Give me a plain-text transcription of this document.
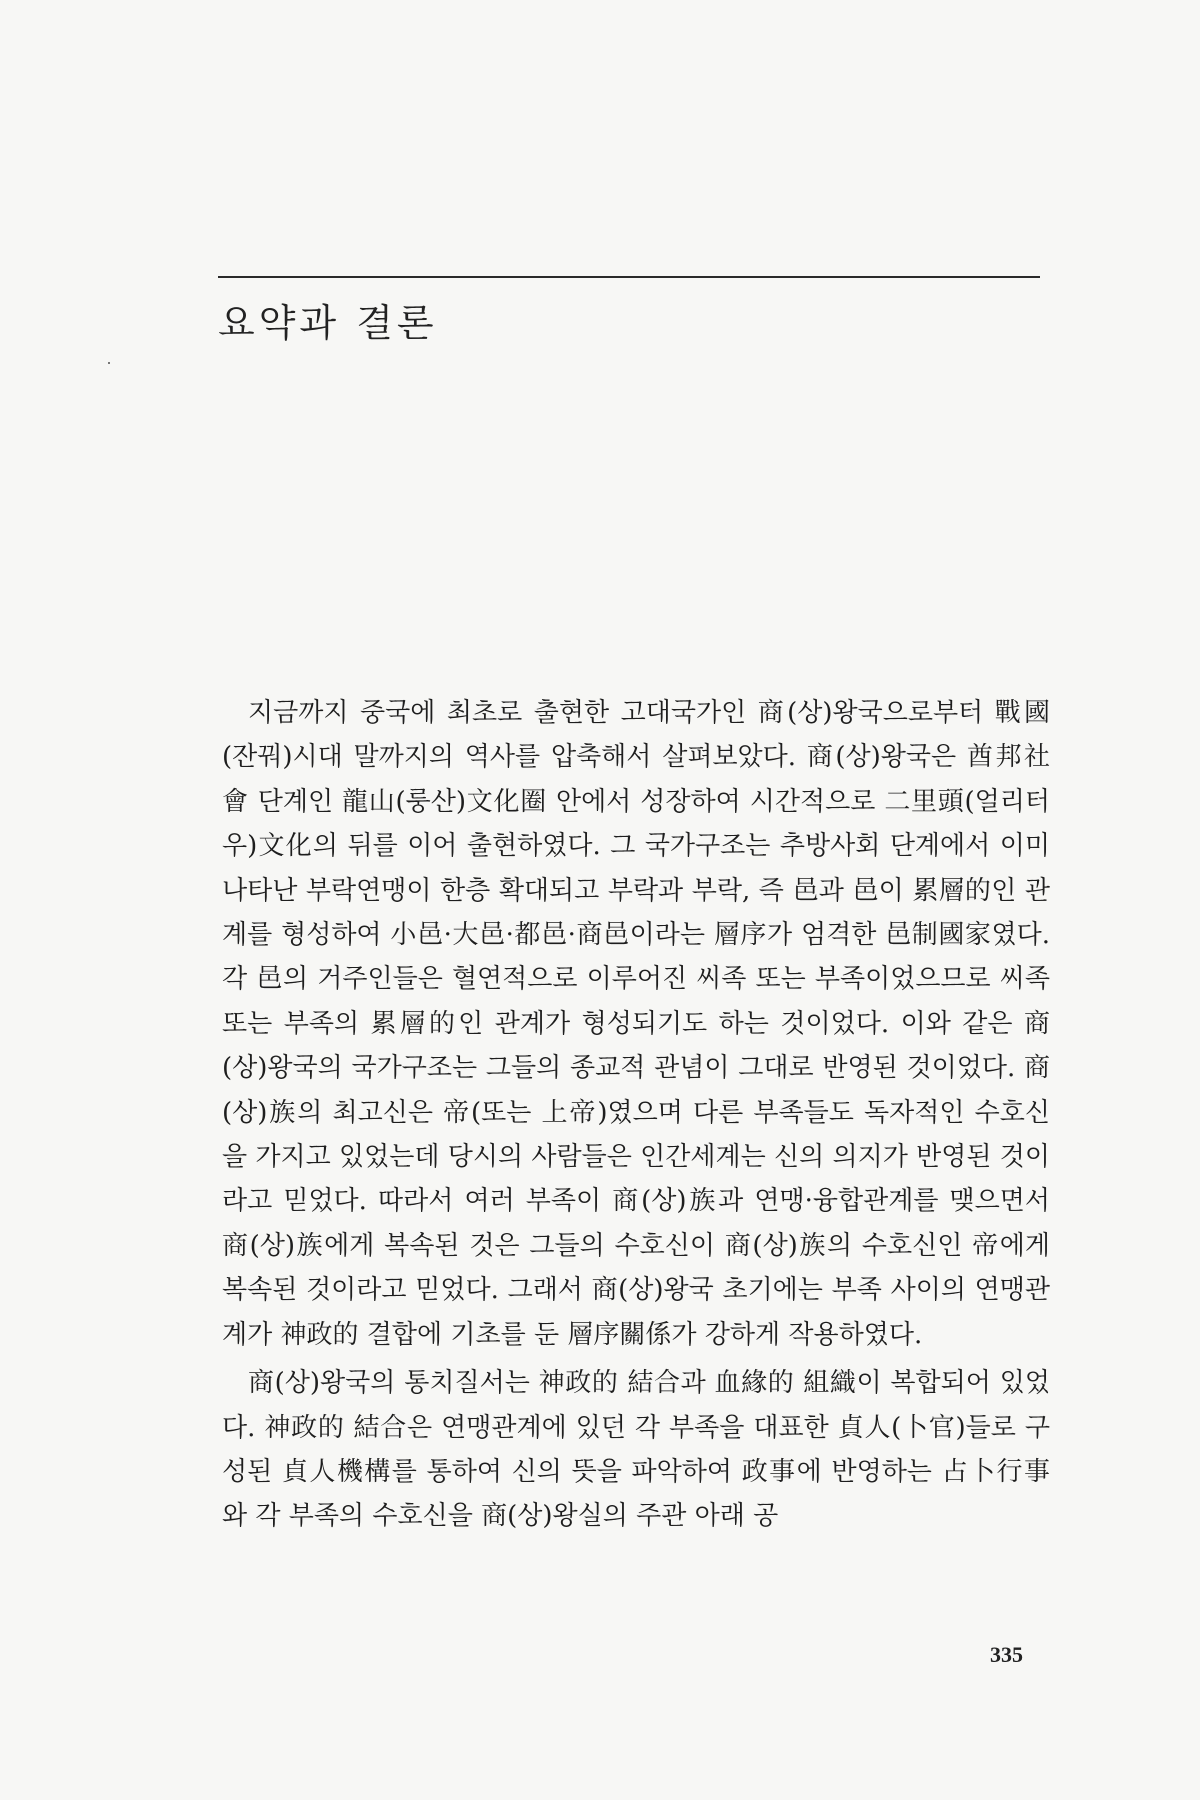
요약과 결론

지금까지 중국에 최초로 출현한 고대국가인 商(상)왕국으로부터 戰國(잔꿔)시대 말까지의 역사를 압축해서 살펴보았다. 商(상)왕국은 酋邦社會 단계인 龍山(룽산)文化圈 안에서 성장하여 시간적으로 二里頭(얼리터우)文化의 뒤를 이어 출현하였다. 그 국가구조는 추방사회 단계에서 이미 나타난 부락연맹이 한층 확대되고 부락과 부락, 즉 邑과 邑이 累層的인 관계를 형성하여 小邑·大邑·都邑·商邑이라는 層序가 엄격한 邑制國家였다. 각 邑의 거주인들은 혈연적으로 이루어진 씨족 또는 부족이었으므로 씨족 또는 부족의 累層的인 관계가 형성되기도 하는 것이었다. 이와 같은 商(상)왕국의 국가구조는 그들의 종교적 관념이 그대로 반영된 것이었다. 商(상)族의 최고신은 帝(또는 上帝)였으며 다른 부족들도 독자적인 수호신을 가지고 있었는데 당시의 사람들은 인간세계는 신의 의지가 반영된 것이라고 믿었다. 따라서 여러 부족이 商(상)族과 연맹·융합관계를 맺으면서 商(상)族에게 복속된 것은 그들의 수호신이 商(상)族의 수호신인 帝에게 복속된 것이라고 믿었다. 그래서 商(상)왕국 초기에는 부족 사이의 연맹관계가 神政的 결합에 기초를 둔 層序關係가 강하게 작용하였다.

商(상)왕국의 통치질서는 神政的 結合과 血緣的 組織이 복합되어 있었다. 神政的 結合은 연맹관계에 있던 각 부족을 대표한 貞人(卜官)들로 구성된 貞人機構를 통하여 신의 뜻을 파악하여 政事에 반영하는 占卜行事와 각 부족의 수호신을 商(상)왕실의 주관 아래 공

335
